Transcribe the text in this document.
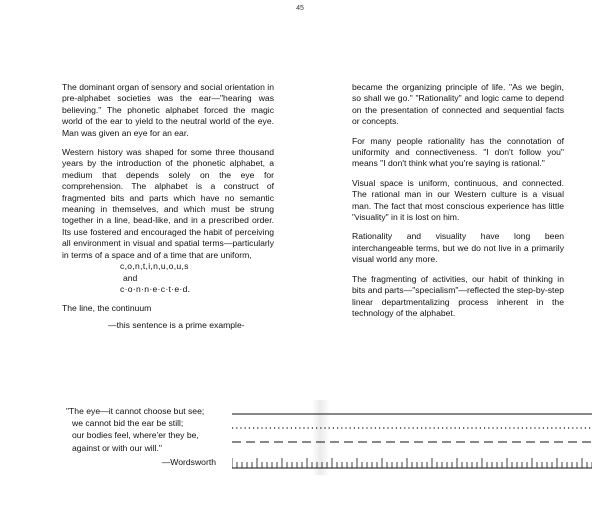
45

The dominant organ of sensory and social orientation in pre-alphabet societies was the ear—"hearing was believing." The phonetic alphabet forced the magic world of the ear to yield to the neutral world of the eye. Man was given an eye for an ear.

Western history was shaped for some three thousand years by the introduction of the phonetic alphabet, a medium that depends solely on the eye for comprehension. The alphabet is a construct of fragmented bits and parts which have no semantic meaning in themselves, and which must be strung together in a line, bead-like, and in a prescribed order. Its use fostered and encouraged the habit of perceiving all environment in visual and spatial terms—particularly in terms of a space and of a time that are uniform,

c,o,n,t,i,n,u,o,u,s
and
c·o·n·n·e·c·t·e·d.
The line, the continuum
—this sentence is a prime example-

became the organizing principle of life. "As we begin, so shall we go." "Rationality" and logic came to depend on the presentation of connected and sequential facts or concepts.

For many people rationality has the connotation of uniformity and connectiveness. "I don't follow you" means "I don't think what you're saying is rational."

Visual space is uniform, continuous, and connected. The rational man in our Western culture is a visual man. The fact that most conscious experience has little "visuality" in it is lost on him.

Rationality and visuality have long been interchangeable terms, but we do not live in a primarily visual world any more.

The fragmenting of activities, our habit of thinking in bits and parts—"specialism"—reflected the step-by-step linear departmentalizing process inherent in the technology of the alphabet.

"The eye—it cannot choose but see;
we cannot bid the ear be still;
our bodies feel, where'er they be,
against or with our will."
—Wordsworth
